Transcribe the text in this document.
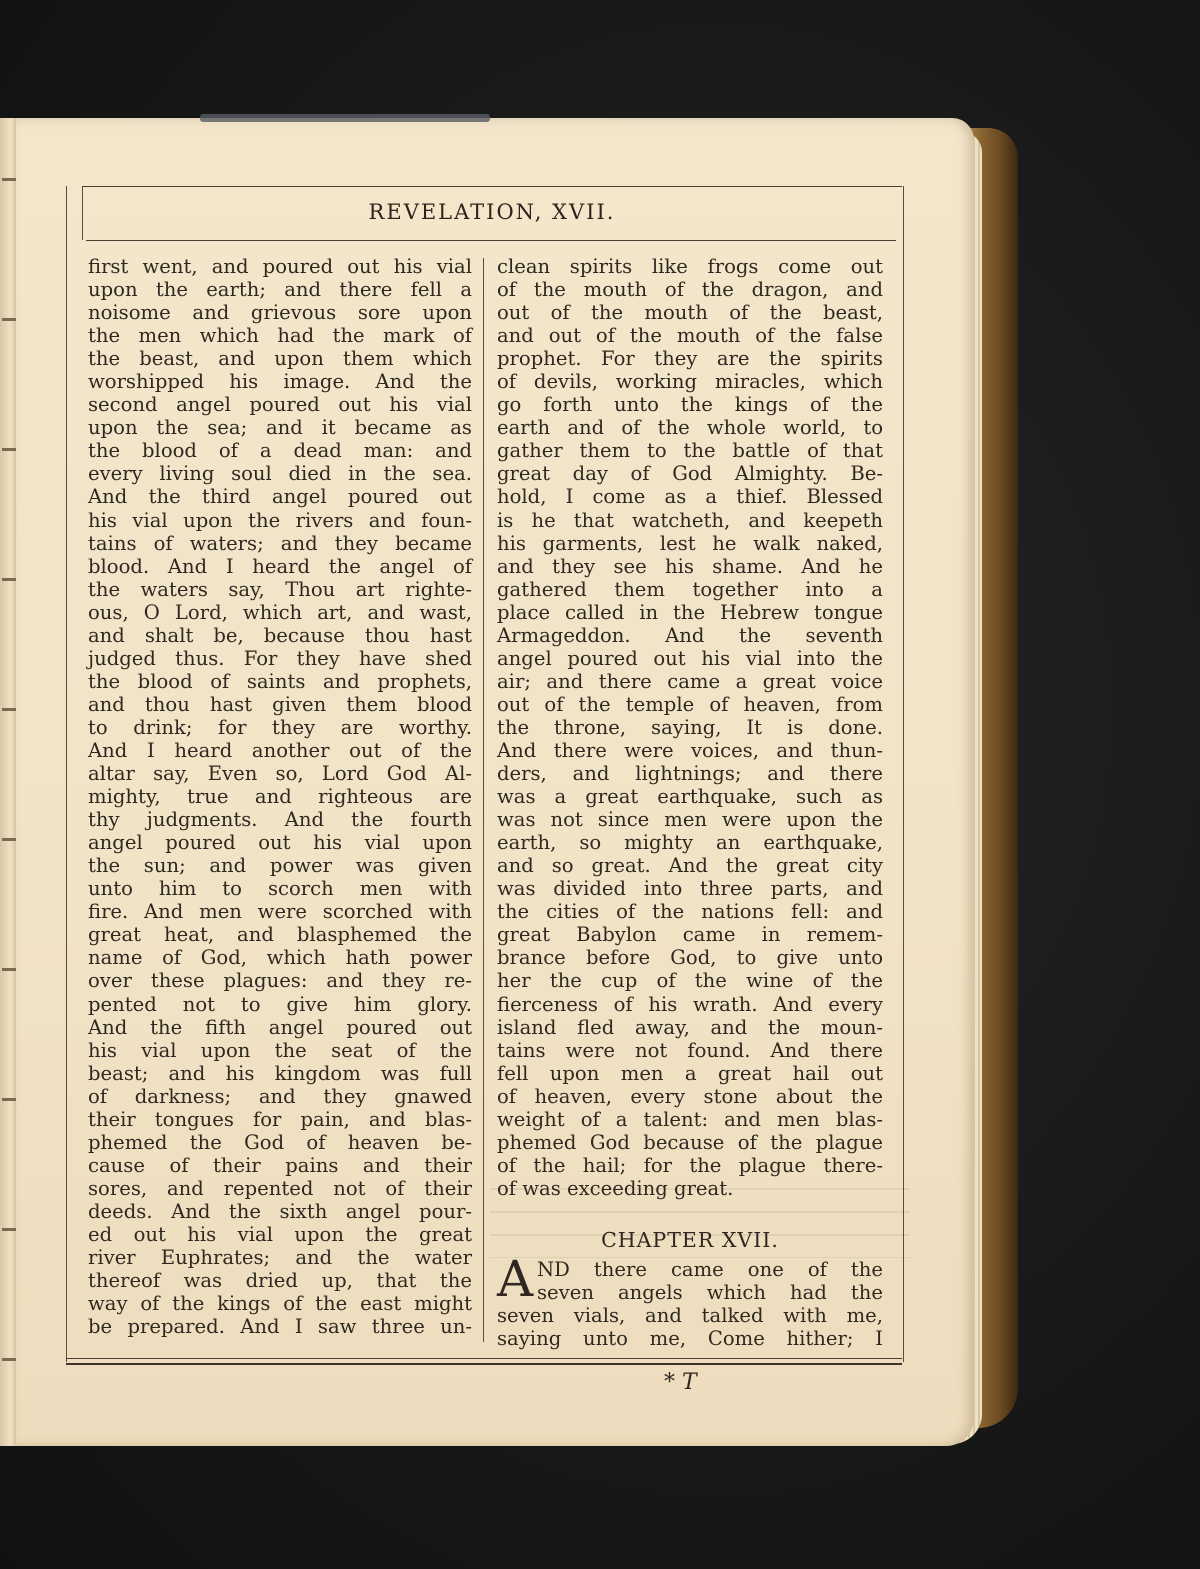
REVELATION, XVII.
first went, and poured out his vial
upon the earth; and there fell a
noisome and grievous sore upon
the men which had the mark of
the beast, and upon them which
worshipped his image. And the
second angel poured out his vial
upon the sea; and it became as
the blood of a dead man: and
every living soul died in the sea.
And the third angel poured out
his vial upon the rivers and foun-
tains of waters; and they became
blood. And I heard the angel of
the waters say, Thou art righte-
ous, O Lord, which art, and wast,
and shalt be, because thou hast
judged thus. For they have shed
the blood of saints and prophets,
and thou hast given them blood
to drink; for they are worthy.
And I heard another out of the
altar say, Even so, Lord God Al-
mighty, true and righteous are
thy judgments. And the fourth
angel poured out his vial upon
the sun; and power was given
unto him to scorch men with
fire. And men were scorched with
great heat, and blasphemed the
name of God, which hath power
over these plagues: and they re-
pented not to give him glory.
And the fifth angel poured out
his vial upon the seat of the
beast; and his kingdom was full
of darkness; and they gnawed
their tongues for pain, and blas-
phemed the God of heaven be-
cause of their pains and their
sores, and repented not of their
deeds. And the sixth angel pour-
ed out his vial upon the great
river Euphrates; and the water
thereof was dried up, that the
way of the kings of the east might
be prepared. And I saw three un-
clean spirits like frogs come out
of the mouth of the dragon, and
out of the mouth of the beast,
and out of the mouth of the false
prophet. For they are the spirits
of devils, working miracles, which
go forth unto the kings of the
earth and of the whole world, to
gather them to the battle of that
great day of God Almighty. Be-
hold, I come as a thief. Blessed
is he that watcheth, and keepeth
his garments, lest he walk naked,
and they see his shame. And he
gathered them together into a
place called in the Hebrew tongue
Armageddon. And the seventh
angel poured out his vial into the
air; and there came a great voice
out of the temple of heaven, from
the throne, saying, It is done.
And there were voices, and thun-
ders, and lightnings; and there
was a great earthquake, such as
was not since men were upon the
earth, so mighty an earthquake,
and so great. And the great city
was divided into three parts, and
the cities of the nations fell: and
great Babylon came in remem-
brance before God, to give unto
her the cup of the wine of the
fierceness of his wrath. And every
island fled away, and the moun-
tains were not found. And there
fell upon men a great hail out
of heaven, every stone about the
weight of a talent: and men blas-
phemed God because of the plague
of the hail; for the plague there-
of was exceeding great.
CHAPTER XVII.
A ND there came one of the
seven angels which had the
seven vials, and talked with me,
saying unto me, Come hither; I
* T
